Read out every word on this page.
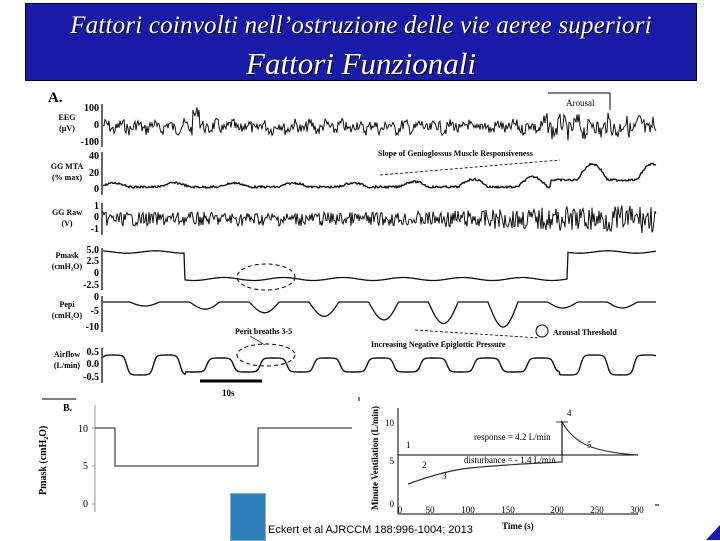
Fattori coinvolti nell’ostruzione delle vie aeree superiori
Fattori Funzionali
A.	Arousal
EEG
(µV)
GG MTA
(% max)
GG Raw
(V)
Pmask
(cmH₂O)
Pepi
(cmH₂O)
Airflow
(L/min)
100
0
-100
40
20
0
1
0
-1
5.0
2.5
0
-2.5
0
-5
-10
0.5
0.0
-0.5
Slope of Genioglossus Muscle Responsiveness
Perit breaths 3-5
Increasing Negative Epiglottic Pressure
Arousal Threshold
10s
B.
Pmask (cmH₂O)	10
5
0	Minute Ventilation (L/min) 10
5
0
0	50	100	150	200	250	300
Time (s)
response = 4.2 L/min
disturbance = - 1.4 L/min
1
2
3
4
5
Eckert et al AJRCCM 188:996-1004; 2013
